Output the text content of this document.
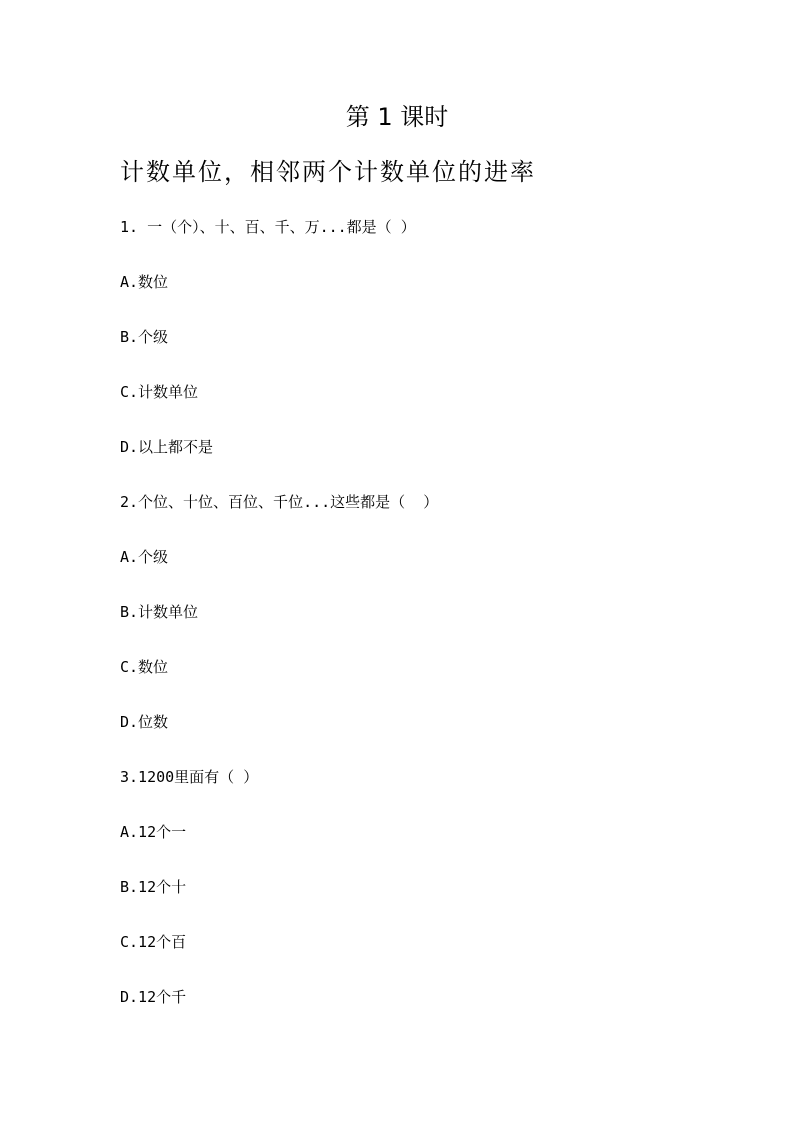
第 1 课时
计数单位，相邻两个计数单位的进率
1. 一（个）、十、百、千、万...都是（ ）
A.数位
B.个级
C.计数单位
D.以上都不是
2.个位、十位、百位、千位...这些都是（  ）
A.个级
B.计数单位
C.数位
D.位数
3.1200里面有（ ）
A.12个一
B.12个十
C.12个百
D.12个千
